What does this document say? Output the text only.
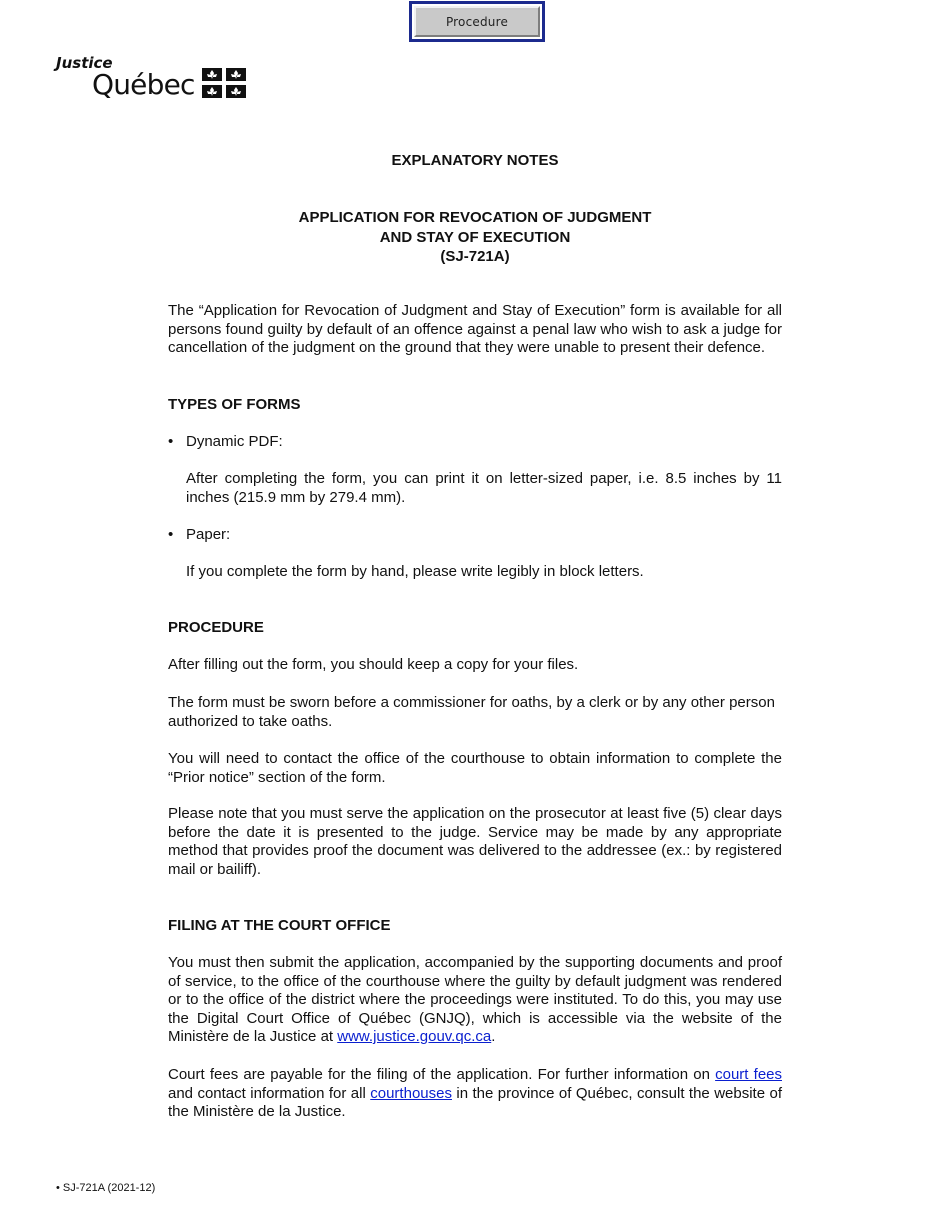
Procedure
Justice
Québec
EXPLANATORY NOTES
APPLICATION FOR REVOCATION OF JUDGMENT
AND STAY OF EXECUTION
(SJ-721A)

The “Application for Revocation of Judgment and Stay of Execution” form is available for all persons found guilty by default of an offence against a penal law who wish to ask a judge for cancellation of the judgment on the ground that they were unable to present their defence.

TYPES OF FORMS
• Dynamic PDF:

After completing the form, you can print it on letter-sized paper, i.e. 8.5 inches by 11 inches (215.9 mm by 279.4 mm).

• Paper:

If you complete the form by hand, please write legibly in block letters.

PROCEDURE

After filling out the form, you should keep a copy for your files.

The form must be sworn before a commissioner for oaths, by a clerk or by any other person authorized to take oaths.

You will need to contact the office of the courthouse to obtain information to complete the “Prior notice” section of the form.

Please note that you must serve the application on the prosecutor at least five (5) clear days before the date it is presented to the judge. Service may be made by any appropriate method that provides proof the document was delivered to the addressee (ex.: by registered mail or bailiff).

FILING AT THE COURT OFFICE

You must then submit the application, accompanied by the supporting documents and proof of service, to the office of the courthouse where the guilty by default judgment was rendered or to the office of the district where the proceedings were instituted. To do this, you may use the Digital Court Office of Québec (GNJQ), which is accessible via the website of the Ministère de la Justice at www.justice.gouv.qc.ca.

Court fees are payable for the filing of the application. For further information on court fees and contact information for all courthouses in the province of Québec, consult the website of the Ministère de la Justice.

• SJ-721A (2021-12)
